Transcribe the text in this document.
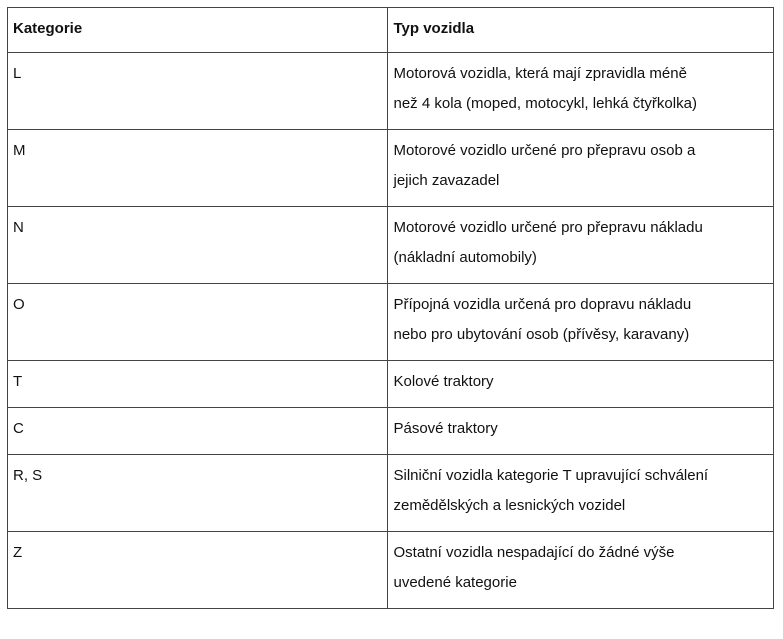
Kategorie	Typ vozidla

L	Motorová vozidla, která mají zpravidla méně
než 4 kola (moped, motocykl, lehká čtyřkolka)

M	Motorové vozidlo určené pro přepravu osob a
jejich zavazadel

N	Motorové vozidlo určené pro přepravu nákladu
(nákladní automobily)

O	Přípojná vozidla určená pro dopravu nákladu
nebo pro ubytování osob (přívěsy, karavany)

T	Kolové traktory

C	Pásové traktory

R, S	Silniční vozidla kategorie T upravující schválení
zemědělských a lesnických vozidel

Z	Ostatní vozidla nespadající do žádné výše
uvedené kategorie
